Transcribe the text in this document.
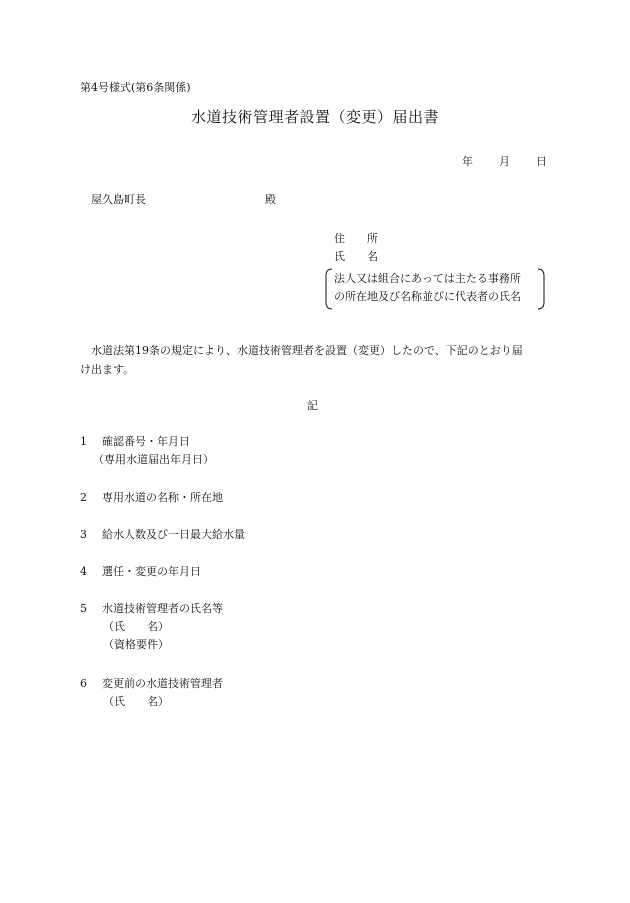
第4号様式(第6条関係)
水道技術管理者設置（変更）届出書
年 月 日
屋久島町長	殿
住 所
氏 名
法人又は組合にあっては主たる事務所
の所在地及び名称並びに代表者の氏名
水道法第19条の規定により、水道技術管理者を設置（変更）したので、下記のとおり届
け出ます。
記
1 確認番号・年月日
（専用水道届出年月日）
2 専用水道の名称・所在地
3 給水人数及び一日最大給水量
4 選任・変更の年月日
5 水道技術管理者の氏名等
（氏　　名）
（資格要件）
6 変更前の水道技術管理者
（氏　　名）
